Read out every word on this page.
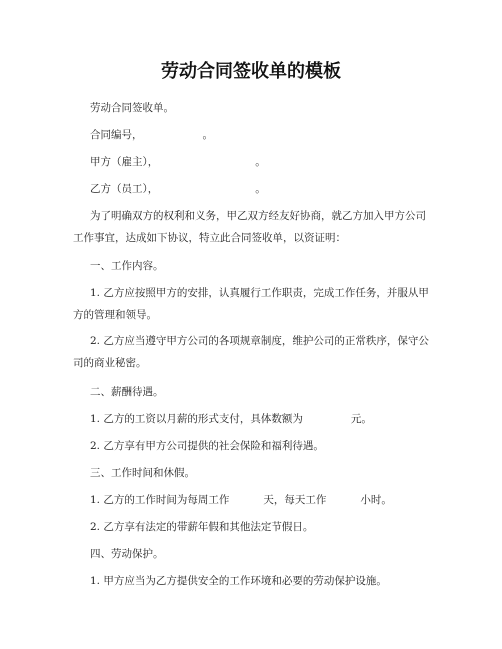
劳动合同签收单的模板
劳动合同签收单。
合同编号，	。
甲方（雇主），	。
乙方（员工），	。
为了明确双方的权利和义务，甲乙双方经友好协商，就乙方加入甲方公司工作事宜，达成如下协议，特立此合同签收单，以资证明：
一、工作内容。
1. 乙方应按照甲方的安排，认真履行工作职责，完成工作任务，并服从甲方的管理和领导。
2. 乙方应当遵守甲方公司的各项规章制度，维护公司的正常秩序，保守公司的商业秘密。
二、薪酬待遇。
1. 乙方的工资以月薪的形式支付，具体数额为	元。
2. 乙方享有甲方公司提供的社会保险和福利待遇。
三、工作时间和休假。
1. 乙方的工作时间为每周工作	天，每天工作	小时。
2. 乙方享有法定的带薪年假和其他法定节假日。
四、劳动保护。
1. 甲方应当为乙方提供安全的工作环境和必要的劳动保护设施。
